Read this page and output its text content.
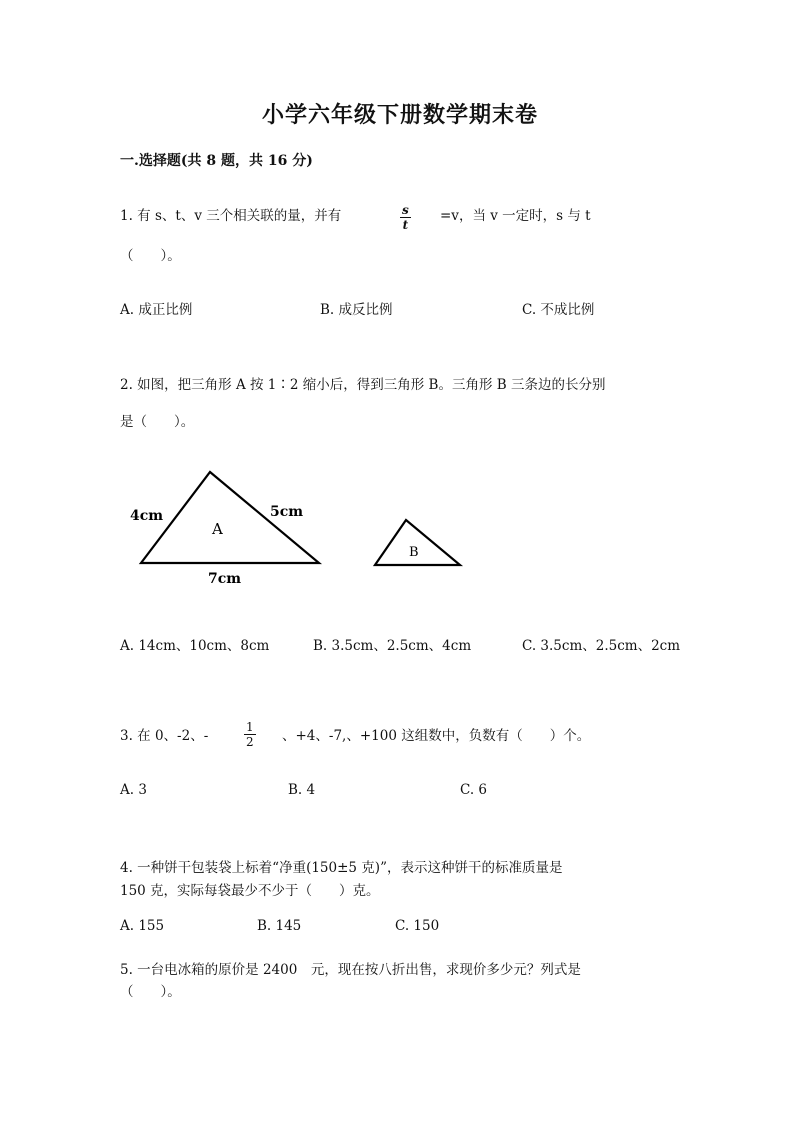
小学六年级下册数学期末卷
一.选择题(共 8 题，共 16 分)
1. 有 s、t、v 三个相关联的量，并有	$\frac{s}{t} =v$，当 v 一定时，s 与 t
（　　）。
A. 成正比例	B. 成反比例	C. 不成比例
2. 如图，把三角形 A 按 1∶2 缩小后，得到三角形 B。三角形 B 三条边的长分别
是（　　）。
A
4cm	5cm
7cm
B
A. 14cm、10cm、8cm	B. 3.5cm、2.5cm、4cm	C. 3.5cm、2.5cm、2cm
3. 在 0、-2、-	$\frac{1}{2}$ 、+4、-7,、+100 这组数中，负数有（　　）个。
A. 3	B. 4	C. 6
4. 一种饼干包装袋上标着“净重(150±5 克)”，表示这种饼干的标准质量是
150 克，实际每袋最少不少于（　　）克。
A. 155	B. 145	C. 150
5. 一台电冰箱的原价是 2400　元，现在按八折出售，求现价多少元？列式是
（　　）。
